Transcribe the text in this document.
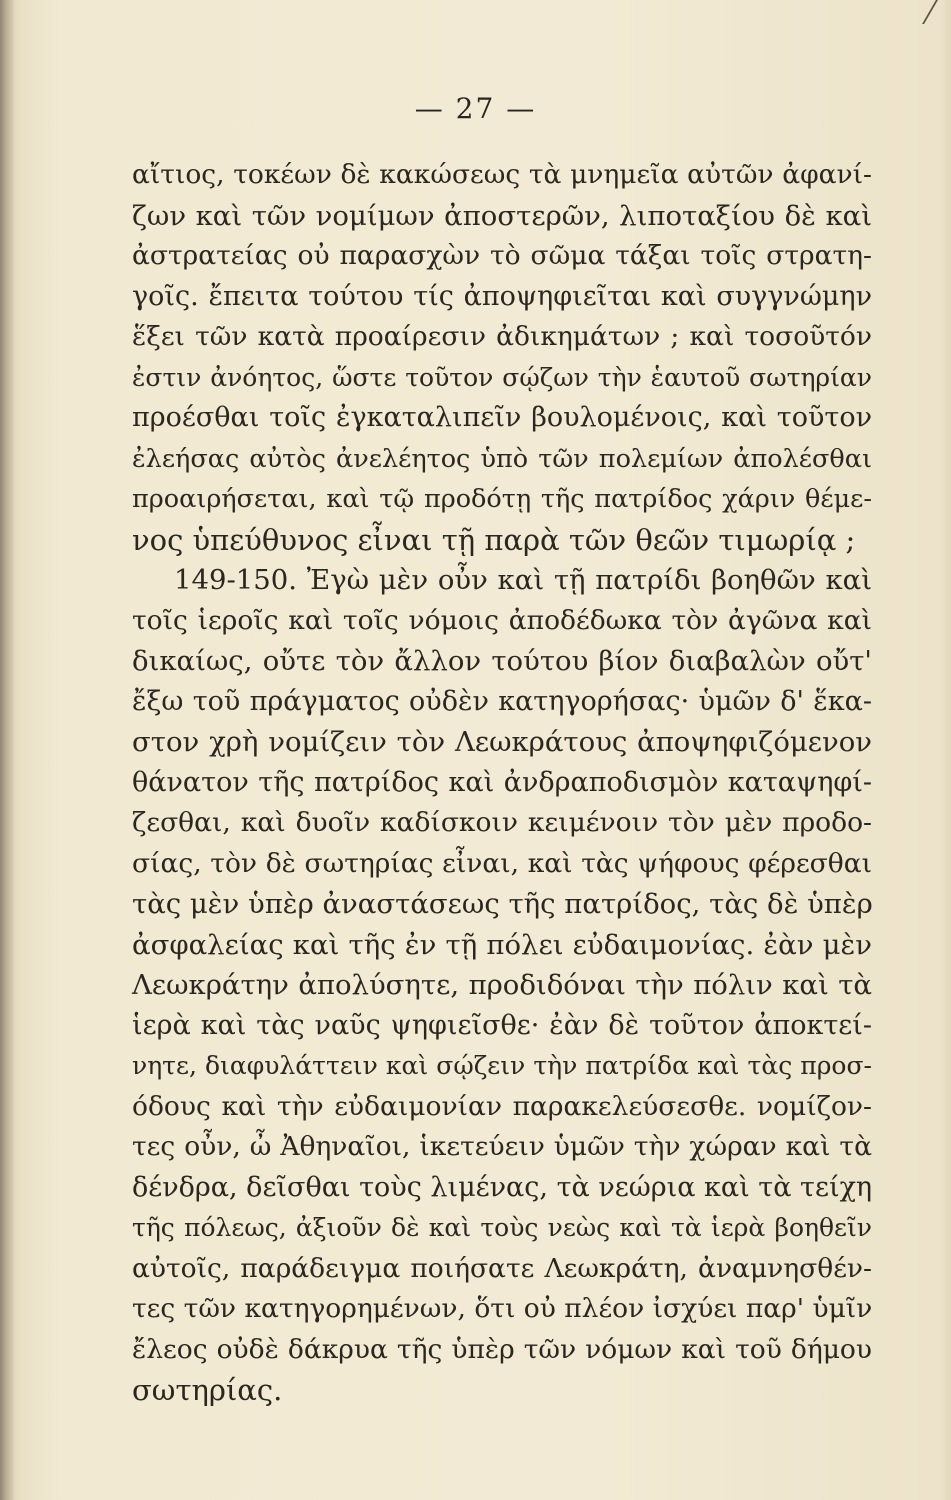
— 27 —
αἴτιος, τοκέων δὲ κακώσεως τὰ μνημεῖα αὐτῶν ἀφανί-
ζων καὶ τῶν νομίμων ἀποστερῶν, λιποταξίου δὲ καὶ
ἀστρατείας οὐ παρασχὼν τὸ σῶμα τάξαι τοῖς στρατη-
γοῖς. ἔπειτα τούτου τίς ἀποψηφιεῖται καὶ συγγνώμην
ἕξει τῶν κατὰ προαίρεσιν ἀδικημάτων ; καὶ τοσοῦτόν
ἐστιν ἀνόητος, ὥστε τοῦτον σῴζων τὴν ἑαυτοῦ σωτηρίαν
προέσθαι τοῖς ἐγκαταλιπεῖν βουλομένοις, καὶ τοῦτον
ἐλεήσας αὐτὸς ἀνελέητος ὑπὸ τῶν πολεμίων ἀπολέσθαι
προαιρήσεται, καὶ τῷ προδότῃ τῆς πατρίδος χάριν θέμε-
νος ὑπεύθυνος εἶναι τῇ παρὰ τῶν θεῶν τιμωρίᾳ ;
149-150. Ἐγὼ μὲν οὖν καὶ τῇ πατρίδι βοηθῶν καὶ
τοῖς ἱεροῖς καὶ τοῖς νόμοις ἀποδέδωκα τὸν ἀγῶνα καὶ
δικαίως, οὔτε τὸν ἄλλον τούτου βίον διαβαλὼν οὔτ'
ἔξω τοῦ πράγματος οὐδὲν κατηγορήσας· ὑμῶν δ' ἕκα-
στον χρὴ νομίζειν τὸν Λεωκράτους ἀποψηφιζόμενον
θάνατον τῆς πατρίδος καὶ ἀνδραποδισμὸν καταψηφί-
ζεσθαι, καὶ δυοῖν καδίσκοιν κειμένοιν τὸν μὲν προδο-
σίας, τὸν δὲ σωτηρίας εἶναι, καὶ τὰς ψήφους φέρεσθαι
τὰς μὲν ὑπὲρ ἀναστάσεως τῆς πατρίδος, τὰς δὲ ὑπὲρ
ἀσφαλείας καὶ τῆς ἐν τῇ πόλει εὐδαιμονίας. ἐὰν μὲν
Λεωκράτην ἀπολύσητε, προδιδόναι τὴν πόλιν καὶ τὰ
ἱερὰ καὶ τὰς ναῦς ψηφιεῖσθε· ἐὰν δὲ τοῦτον ἀποκτεί-
νητε, διαφυλάττειν καὶ σῴζειν τὴν πατρίδα καὶ τὰς προσ-
όδους καὶ τὴν εὐδαιμονίαν παρακελεύσεσθε. νομίζον-
τες οὖν, ὦ Ἀθηναῖοι, ἱκετεύειν ὑμῶν τὴν χώραν καὶ τὰ
δένδρα, δεῖσθαι τοὺς λιμένας, τὰ νεώρια καὶ τὰ τείχη
τῆς πόλεως, ἀξιοῦν δὲ καὶ τοὺς νεὼς καὶ τὰ ἱερὰ βοηθεῖν
αὐτοῖς, παράδειγμα ποιήσατε Λεωκράτη, ἀναμνησθέν-
τες τῶν κατηγορημένων, ὅτι οὐ πλέον ἰσχύει παρ' ὑμῖν
ἔλεος οὐδὲ δάκρυα τῆς ὑπὲρ τῶν νόμων καὶ τοῦ δήμου
σωτηρίας.
